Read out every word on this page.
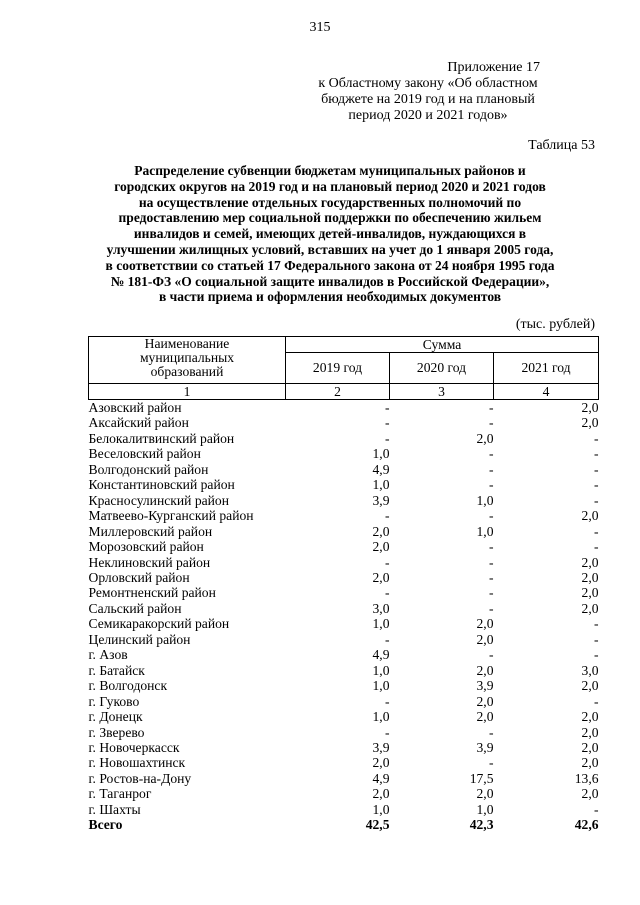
315
Приложение 17
к Областному закону «Об областном
бюджете на 2019 год и на плановый
период 2020 и 2021 годов»
Таблица 53
Распределение субвенции бюджетам муниципальных районов и
городских округов на 2019 год и на плановый период 2020 и 2021 годов
на осуществление отдельных государственных полномочий по
предоставлению мер социальной поддержки по обеспечению жильем
инвалидов и семей, имеющих детей-инвалидов, нуждающихся в
улучшении жилищных условий, вставших на учет до 1 января 2005 года,
в соответствии со статьей 17 Федерального закона от 24 ноября 1995 года
№ 181-ФЗ «О социальной защите инвалидов в Российской Федерации»,
в части приема и оформления необходимых документов
(тыс. рублей)
Наименование
муниципальных
образований	Сумма		
	2019 год	2020 год	2021 год
1	2	3	4
Азовский район	-	-	2,0
Аксайский район	-	-	2,0
Белокалитвинский район	-	2,0	-
Веселовский район	1,0	-	-
Волгодонский район	4,9	-	-
Константиновский район	1,0	-	-
Красносулинский район	3,9	1,0	-
Матвеево-Курганский район	-	-	2,0
Миллеровский район	2,0	1,0	-
Морозовский район	2,0	-	-
Неклиновский район	-	-	2,0
Орловский район	2,0	-	2,0
Ремонтненский район	-	-	2,0
Сальский район	3,0	-	2,0
Семикаракорский район	1,0	2,0	-
Целинский район	-	2,0	-
г. Азов	4,9	-	-
г. Батайск	1,0	2,0	3,0
г. Волгодонск	1,0	3,9	2,0
г. Гуково	-	2,0	-
г. Донецк	1,0	2,0	2,0
г. Зверево	-	-	2,0
г. Новочеркасск	3,9	3,9	2,0
г. Новошахтинск	2,0	-	2,0
г. Ростов-на-Дону	4,9	17,5	13,6
г. Таганрог	2,0	2,0	2,0
г. Шахты	1,0	1,0	-
Всего	42,5	42,3	42,6
